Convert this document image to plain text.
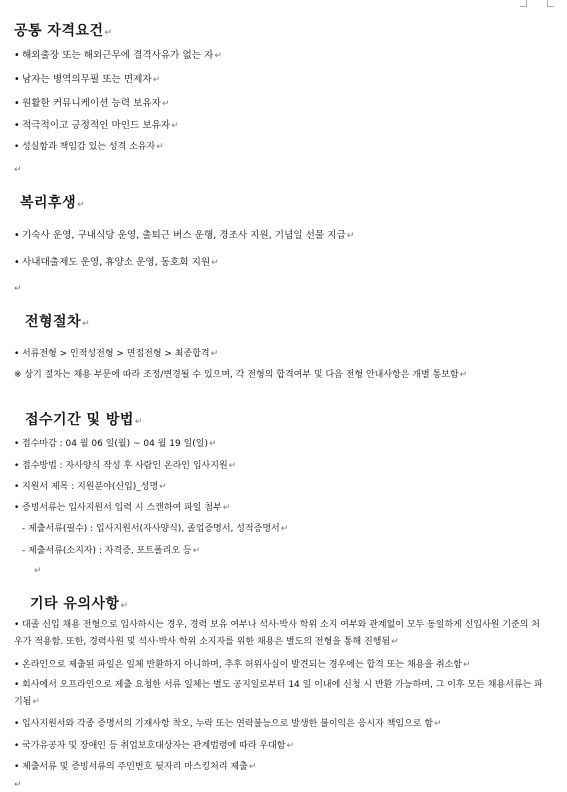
공통 자격요건↵
• 해외출장 또는 해외근무에 결격사유가 없는 자↵
• 남자는 병역의무필 또는 면제자↵
• 원활한 커뮤니케이션 능력 보유자↵
• 적극적이고 긍정적인 마인드 보유자↵
• 성실함과 책임감 있는 성격 소유자↵
↵
복리후생↵
• 기숙사 운영, 구내식당 운영, 출퇴근 버스 운행, 경조사 지원, 기념일 선물 지급↵
• 사내대출제도 운영, 휴양소 운영, 동호회 지원↵
↵
전형절차↵
• 서류전형 > 인적성전형 > 면접전형 > 최종합격↵
※ 상기 절차는 채용 부문에 따라 조정/변경될 수 있으며, 각 전형의 합격여부 및 다음 전형 안내사항은 개별 통보함↵
접수기간 및 방법↵
• 접수마감 : 04 월 06 일(월) ~ 04 월 19 일(일)↵
• 접수방법 : 자사양식 작성 후 사람인 온라인 입사지원↵
• 지원서 제목 : 지원분야(신입)_성명↵
• 증빙서류는 입사지원서 입력 시 스캔하여 파일 첨부↵
- 제출서류(필수) : 입사지원서(자사양식), 졸업증명서, 성적증명서↵
- 제출서류(소지자) : 자격증, 포트폴리오 등↵
↵
기타 유의사항↵
• 대졸 신입 채용 전형으로 입사하시는 경우, 경력 보유 여부나 석사·박사 학위 소지 여부와 관계없이 모두 동일하게 신입사원 기준의 처우가 적용함. 또한, 경력사원 및 석사·박사 학위 소지자를 위한 채용은 별도의 전형을 통해 진행됨↵
• 온라인으로 제출된 파일은 일체 반환하지 아니하며, 추후 허위사실이 발견되는 경우에는 합격 또는 채용을 취소함↵
• 회사에서 오프라인으로 제출 요청한 서류 일체는 별도 공지일로부터 14 일 이내에 신청 시 반환 가능하며, 그 이후 모든 채용서류는 파기됨↵
• 입사지원서와 각종 증명서의 기재사항 착오, 누락 또는 연락불능으로 발생한 불이익은 응시자 책임으로 함↵
• 국가유공자 및 장애인 등 취업보호대상자는 관계법령에 따라 우대함↵
• 제출서류 및 증빙서류의 주민번호 뒷자리 마스킹처리 제출↵
↵
